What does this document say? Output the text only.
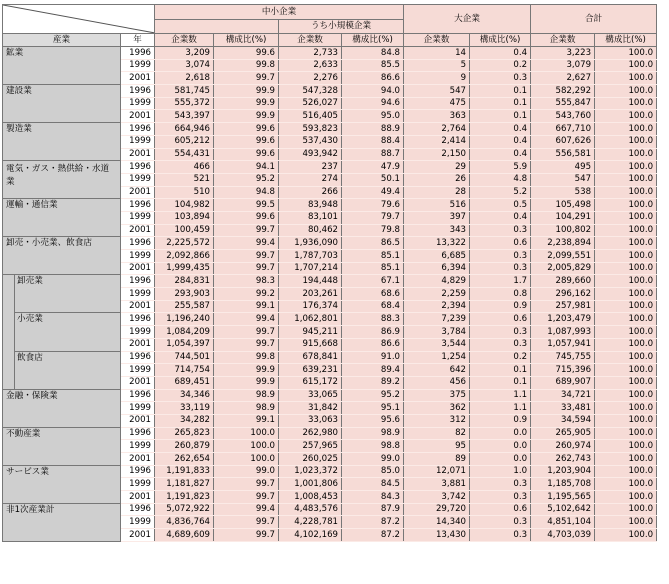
	中小企業				大企業		合計	
					うち小規模企業					
産業		年	企業数	構成比(%)	企業数	構成比(%)	企業数	構成比(%)	企業数	構成比(%)
鉱業		1996	3,209	99.6	2,733	84.8	14	0.4	3,223	100.0
		1999	3,074	99.8	2,633	85.5	5	0.2	3,079	100.0
		2001	2,618	99.7	2,276	86.6	9	0.3	2,627	100.0
建設業		1996	581,745	99.9	547,328	94.0	547	0.1	582,292	100.0
		1999	555,372	99.9	526,027	94.6	475	0.1	555,847	100.0
		2001	543,397	99.9	516,405	95.0	363	0.1	543,760	100.0
製造業		1996	664,946	99.6	593,823	88.9	2,764	0.4	667,710	100.0
		1999	605,212	99.6	537,430	88.4	2,414	0.4	607,626	100.0
		2001	554,431	99.6	493,942	88.7	2,150	0.4	556,581	100.0
電気・ガス・熱供給・水道業		1996	466	94.1	237	47.9	29	5.9	495	100.0
		1999	521	95.2	274	50.1	26	4.8	547	100.0
		2001	510	94.8	266	49.4	28	5.2	538	100.0
運輸・通信業		1996	104,982	99.5	83,948	79.6	516	0.5	105,498	100.0
		1999	103,894	99.6	83,101	79.7	397	0.4	104,291	100.0
		2001	100,459	99.7	80,462	79.8	343	0.3	100,802	100.0
卸売・小売業、飲食店		1996	2,225,572	99.4	1,936,090	86.5	13,322	0.6	2,238,894	100.0
		1999	2,092,866	99.7	1,787,703	85.1	6,685	0.3	2,099,551	100.0
		2001	1,999,435	99.7	1,707,214	85.1	6,394	0.3	2,005,829	100.0
	卸売業	1996	284,831	98.3	194,448	67.1	4,829	1.7	289,660	100.0
		1999	293,903	99.2	203,261	68.6	2,259	0.8	296,162	100.0
		2001	255,587	99.1	176,374	68.4	2,394	0.9	257,981	100.0
	小売業	1996	1,196,240	99.4	1,062,801	88.3	7,239	0.6	1,203,479	100.0
		1999	1,084,209	99.7	945,211	86.9	3,784	0.3	1,087,993	100.0
		2001	1,054,397	99.7	915,668	86.6	3,544	0.3	1,057,941	100.0
	飲食店	1996	744,501	99.8	678,841	91.0	1,254	0.2	745,755	100.0
		1999	714,754	99.9	639,231	89.4	642	0.1	715,396	100.0
		2001	689,451	99.9	615,172	89.2	456	0.1	689,907	100.0
金融・保険業		1996	34,346	98.9	33,065	95.2	375	1.1	34,721	100.0
		1999	33,119	98.9	31,842	95.1	362	1.1	33,481	100.0
		2001	34,282	99.1	33,063	95.6	312	0.9	34,594	100.0
不動産業		1996	265,823	100.0	262,980	98.9	82	0.0	265,905	100.0
		1999	260,879	100.0	257,965	98.8	95	0.0	260,974	100.0
		2001	262,654	100.0	260,025	99.0	89	0.0	262,743	100.0
サービス業		1996	1,191,833	99.0	1,023,372	85.0	12,071	1.0	1,203,904	100.0
		1999	1,181,827	99.7	1,001,806	84.5	3,881	0.3	1,185,708	100.0
		2001	1,191,823	99.7	1,008,453	84.3	3,742	0.3	1,195,565	100.0
非1次産業計		1996	5,072,922	99.4	4,483,576	87.9	29,720	0.6	5,102,642	100.0
		1999	4,836,764	99.7	4,228,781	87.2	14,340	0.3	4,851,104	100.0
		2001	4,689,609	99.7	4,102,169	87.2	13,430	0.3	4,703,039	100.0
